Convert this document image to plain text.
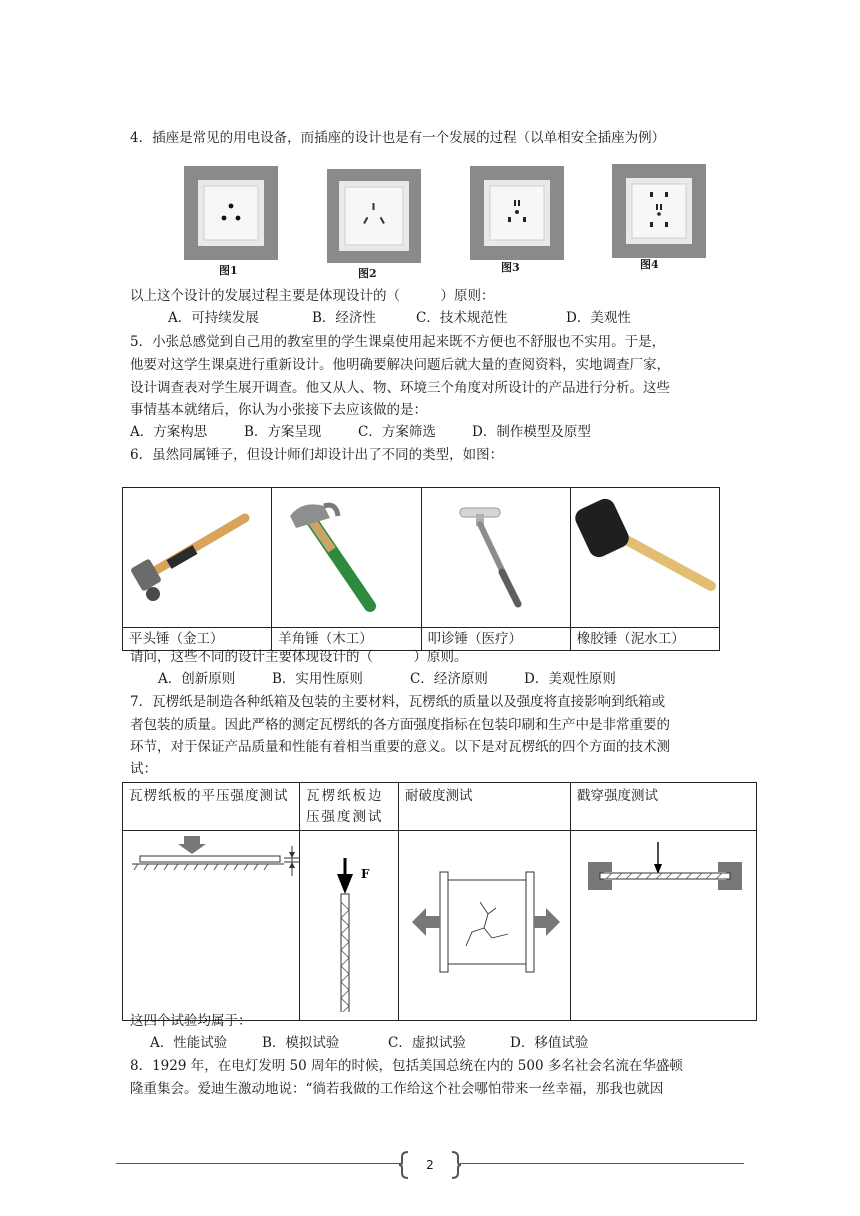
4．插座是常见的用电设备，而插座的设计也是有一个发展的过程（以单相安全插座为例）
图1	图2	图3	图4
以上这个设计的发展过程主要是体现设计的（　　　）原则：
A．可持续发展	B．经济性	C．技术规范性	D．美观性
5．小张总感觉到自己用的教室里的学生课桌使用起来既不方便也不舒服也不实用。于是，
他要对这学生课桌进行重新设计。他明确要解决问题后就大量的查阅资料，实地调查厂家，
设计调查表对学生展开调查。他又从人、物、环境三个角度对所设计的产品进行分析。这些
事情基本就绪后，你认为小张接下去应该做的是：
A．方案构思	B．方案呈现	C．方案筛选	D．制作模型及原型
6．虽然同属锤子，但设计师们却设计出了不同的类型，如图：

平头锤（金工）	羊角锤（木工）	叩诊锤（医疗）	橡胶锤（泥水工）
请问，这些不同的设计主要体现设计的（　　　）原则。
A．创新原则	B．实用性原则	C．经济原则	D．美观性原则
7．瓦楞纸是制造各种纸箱及包装的主要材料，瓦楞纸的质量以及强度将直接影响到纸箱或
者包装的质量。因此严格的测定瓦楞纸的各方面强度指标在包装印刷和生产中是非常重要的
环节，对于保证产品质量和性能有着相当重要的意义。以下是对瓦楞纸的四个方面的技术测
试：
瓦楞纸板的平压强度测试	瓦楞纸板边压强度测试	耐破度测试	戳穿强度测试

F

这四个试验均属于：
A．性能试验	B．模拟试验	C．虚拟试验	D．移值试验
8．1929 年，在电灯发明 50 周年的时候，包括美国总统在内的 500 多名社会名流在华盛顿
隆重集会。爱迪生激动地说：“徜若我做的工作给这个社会哪怕带来一丝幸福，那我也就因
2
